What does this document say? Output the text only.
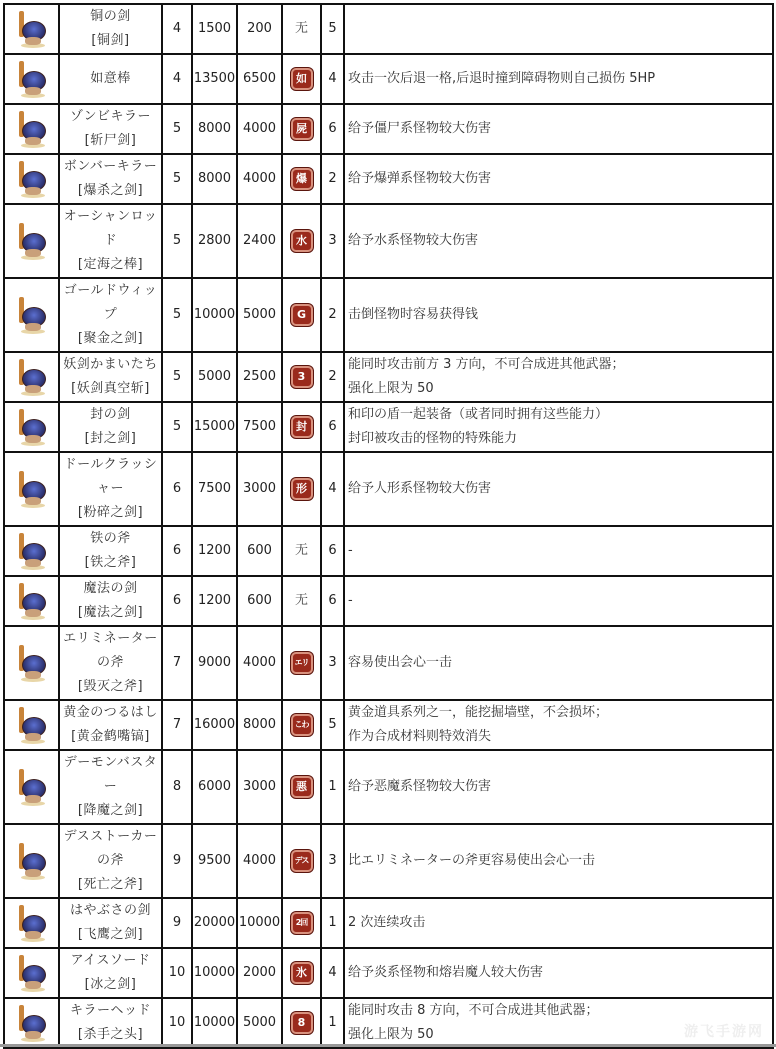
	铜の剑
[铜剑]	4	1500	200	无	5	

	如意棒	4	13500	6500	如	4	攻击一次后退一格,后退时撞到障碍物则自己损伤 5HP

	ゾンビキラー
[斩尸剑]	5	8000	4000	屍	6	给予僵尸系怪物较大伤害

	ボンバーキラー
[爆杀之剑]	5	8000	4000	爆	2	给予爆弹系怪物较大伤害

	オーシャンロッド
[定海之棒]	5	2800	2400	水	3	给予水系怪物较大伤害

	ゴールドウィップ
[聚金之剑]	5	10000	5000	G	2	击倒怪物时容易获得钱

	妖剑かまいたち
[妖剑真空斩]	5	5000	2500	3	2	能同时攻击前方 3 方向，不可合成进其他武器；
强化上限为 50

	封の剑
[封之剑]	5	15000	7500	封	6	和印の盾一起装备（或者同时拥有这些能力）
封印被攻击的怪物的特殊能力

	ドールクラッシャー
[粉碎之剑]	6	7500	3000	形	4	给予人形系怪物较大伤害

	铁の斧
[铁之斧]	6	1200	600	无	6	-

	魔法の剑
[魔法之剑]	6	1200	600	无	6	-

	エリミネーターの斧
[毁灭之斧]	7	9000	4000	エリ	3	容易使出会心一击

	黄金のつるはし
[黄金鹤嘴镐]	7	16000	8000	こわ	5	黄金道具系列之一，能挖掘墙壁，不会损坏；
作为合成材料则特效消失

	デーモンバスター
[降魔之剑]	8	6000	3000	悪	1	给予恶魔系怪物较大伤害

	デスストーカーの斧
[死亡之斧]	9	9500	4000	デス	3	比エリミネーターの斧更容易使出会心一击

	はやぶさの剑
[飞鹰之剑]	9	20000	10000	2回	1	2 次连续攻击

	アイスソード
[冰之剑]	10	10000	2000	氷	4	给予炎系怪物和熔岩魔人较大伤害

	キラーヘッド
[杀手之头]	10	10000	5000	8	1	能同时攻击 8 方向，不可合成进其他武器；
强化上限为 50	游飞手游网
